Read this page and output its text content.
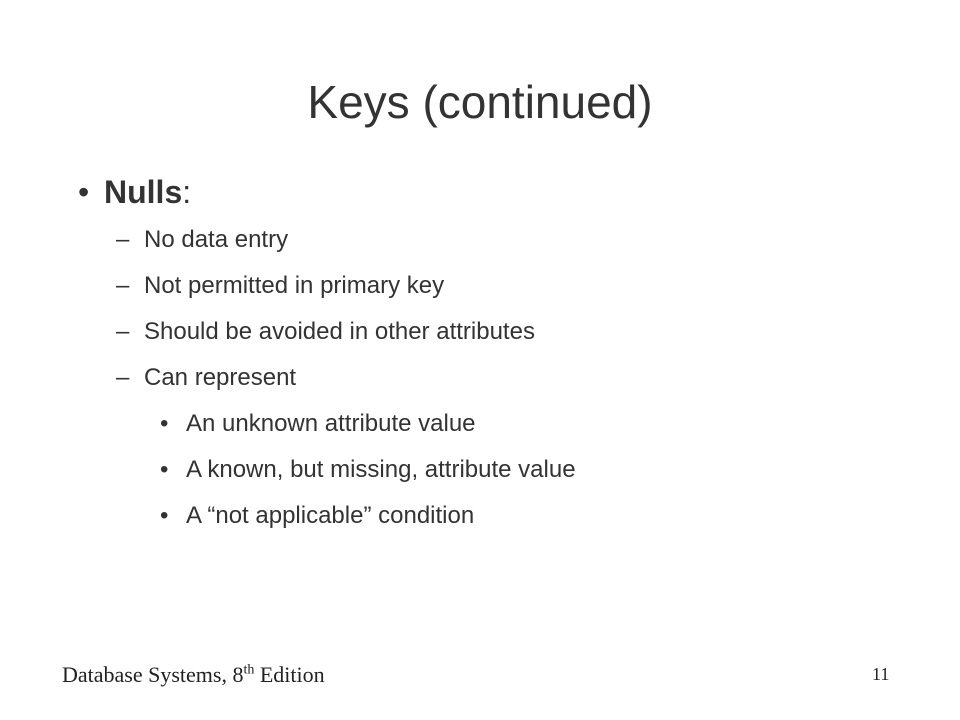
Keys (continued)
• Nulls:
– No data entry
– Not permitted in primary key
– Should be avoided in other attributes
– Can represent
• An unknown attribute value
• A known, but missing, attribute value
• A “not applicable” condition
Database Systems, 8th Edition	11
